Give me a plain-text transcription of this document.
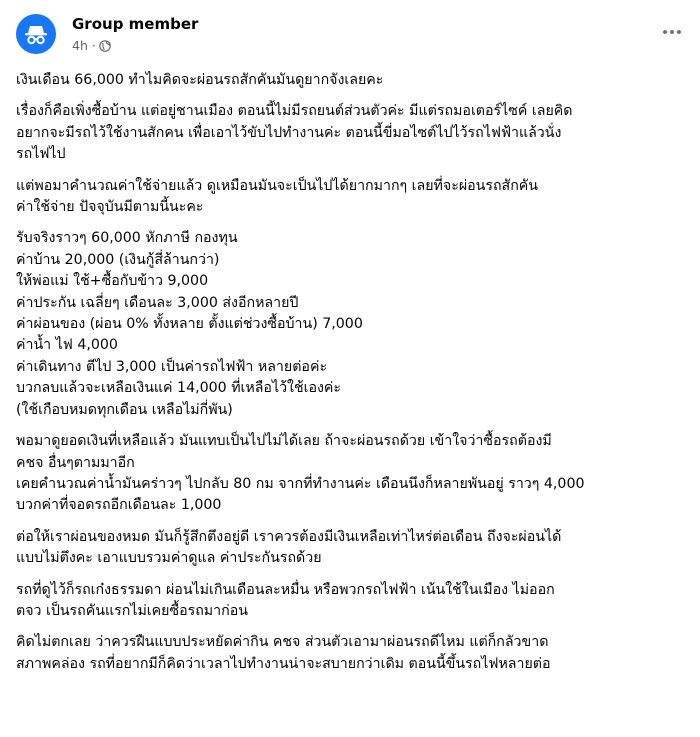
Group member
4h ·
เงินเดือน 66,000 ทำไมคิดจะผ่อนรถสักคันมันดูยากจังเลยคะ
เรื่องก็คือเพิ่งซื้อบ้าน แต่อยู่ชานเมือง ตอนนี้ไม่มีรถยนต์ส่วนตัวค่ะ มีแต่รถมอเตอร์ไซค์ เลยคิด
อยากจะมีรถไว้ใช้งานสักคน เพื่อเอาไว้ขับไปทำงานค่ะ ตอนนี้ขี่มอไซต์ไปไว้รถไฟฟ้าแล้วนั่ง
รถไฟไป
แต่พอมาคำนวณค่าใช้จ่ายแล้ว ดูเหมือนมันจะเป็นไปได้ยากมากๆ เลยที่จะผ่อนรถสักคัน
ค่าใช้จ่าย ปัจจุบันมีตามนี้นะคะ
รับจริงราวๆ 60,000 หักภาษี กองทุน
ค่าบ้าน 20,000 (เงินกู้สี่ล้านกว่า)
ให้พ่อแม่ ใช้+ซื้อกับข้าว 9,000
ค่าประกัน เฉลี่ยๆ เดือนละ 3,000 ส่งอีกหลายปี
ค่าผ่อนของ (ผ่อน 0% ทั้งหลาย ตั้งแต่ช่วงซื้อบ้าน) 7,000
ค่าน้ำ ไฟ 4,000
ค่าเดินทาง ตีไป 3,000 เป็นค่ารถไฟฟ้า หลายต่อค่ะ
บวกลบแล้วจะเหลือเงินแค่ 14,000 ที่เหลือไว้ใช้เองค่ะ
(ใช้เกือบหมดทุกเดือน เหลือไม่กี่พัน)
พอมาดูยอดเงินที่เหลือแล้ว มันแทบเป็นไปไม่ได้เลย ถ้าจะผ่อนรถด้วย เข้าใจว่าซื้อรถต้องมี
คชจ อื่นๆตามมาอีก
เคยคำนวณค่าน้ำมันคร่าวๆ ไปกลับ 80 กม จากที่ทำงานค่ะ เดือนนึงก็หลายพันอยู่ ราวๆ 4,000
บวกค่าที่จอดรถอีกเดือนละ 1,000
ต่อให้เราผ่อนของหมด มันก็รู้สึกตึงอยู่ดี เราควรต้องมีเงินเหลือเท่าไหร่ต่อเดือน ถึงจะผ่อนได้
แบบไม่ตึงคะ เอาแบบรวมค่าดูแล ค่าประกันรถด้วย
รถที่ดูไว้ก็รถเก๋งธรรมดา ผ่อนไม่เกินเดือนละหมื่น หรือพวกรถไฟฟ้า เน้นใช้ในเมือง ไม่ออก
ตจว เป็นรถคันแรกไม่เคยซื้อรถมาก่อน
คิดไม่ตกเลย ว่าควรฝืนแบบประหยัดค่ากิน คชจ ส่วนตัวเอามาผ่อนรถดีไหม แต่ก็กลัวขาด
สภาพคล่อง รถที่อยากมีก็คิดว่าเวลาไปทำงานน่าจะสบายกว่าเดิม ตอนนี้ขึ้นรถไฟหลายต่อ
